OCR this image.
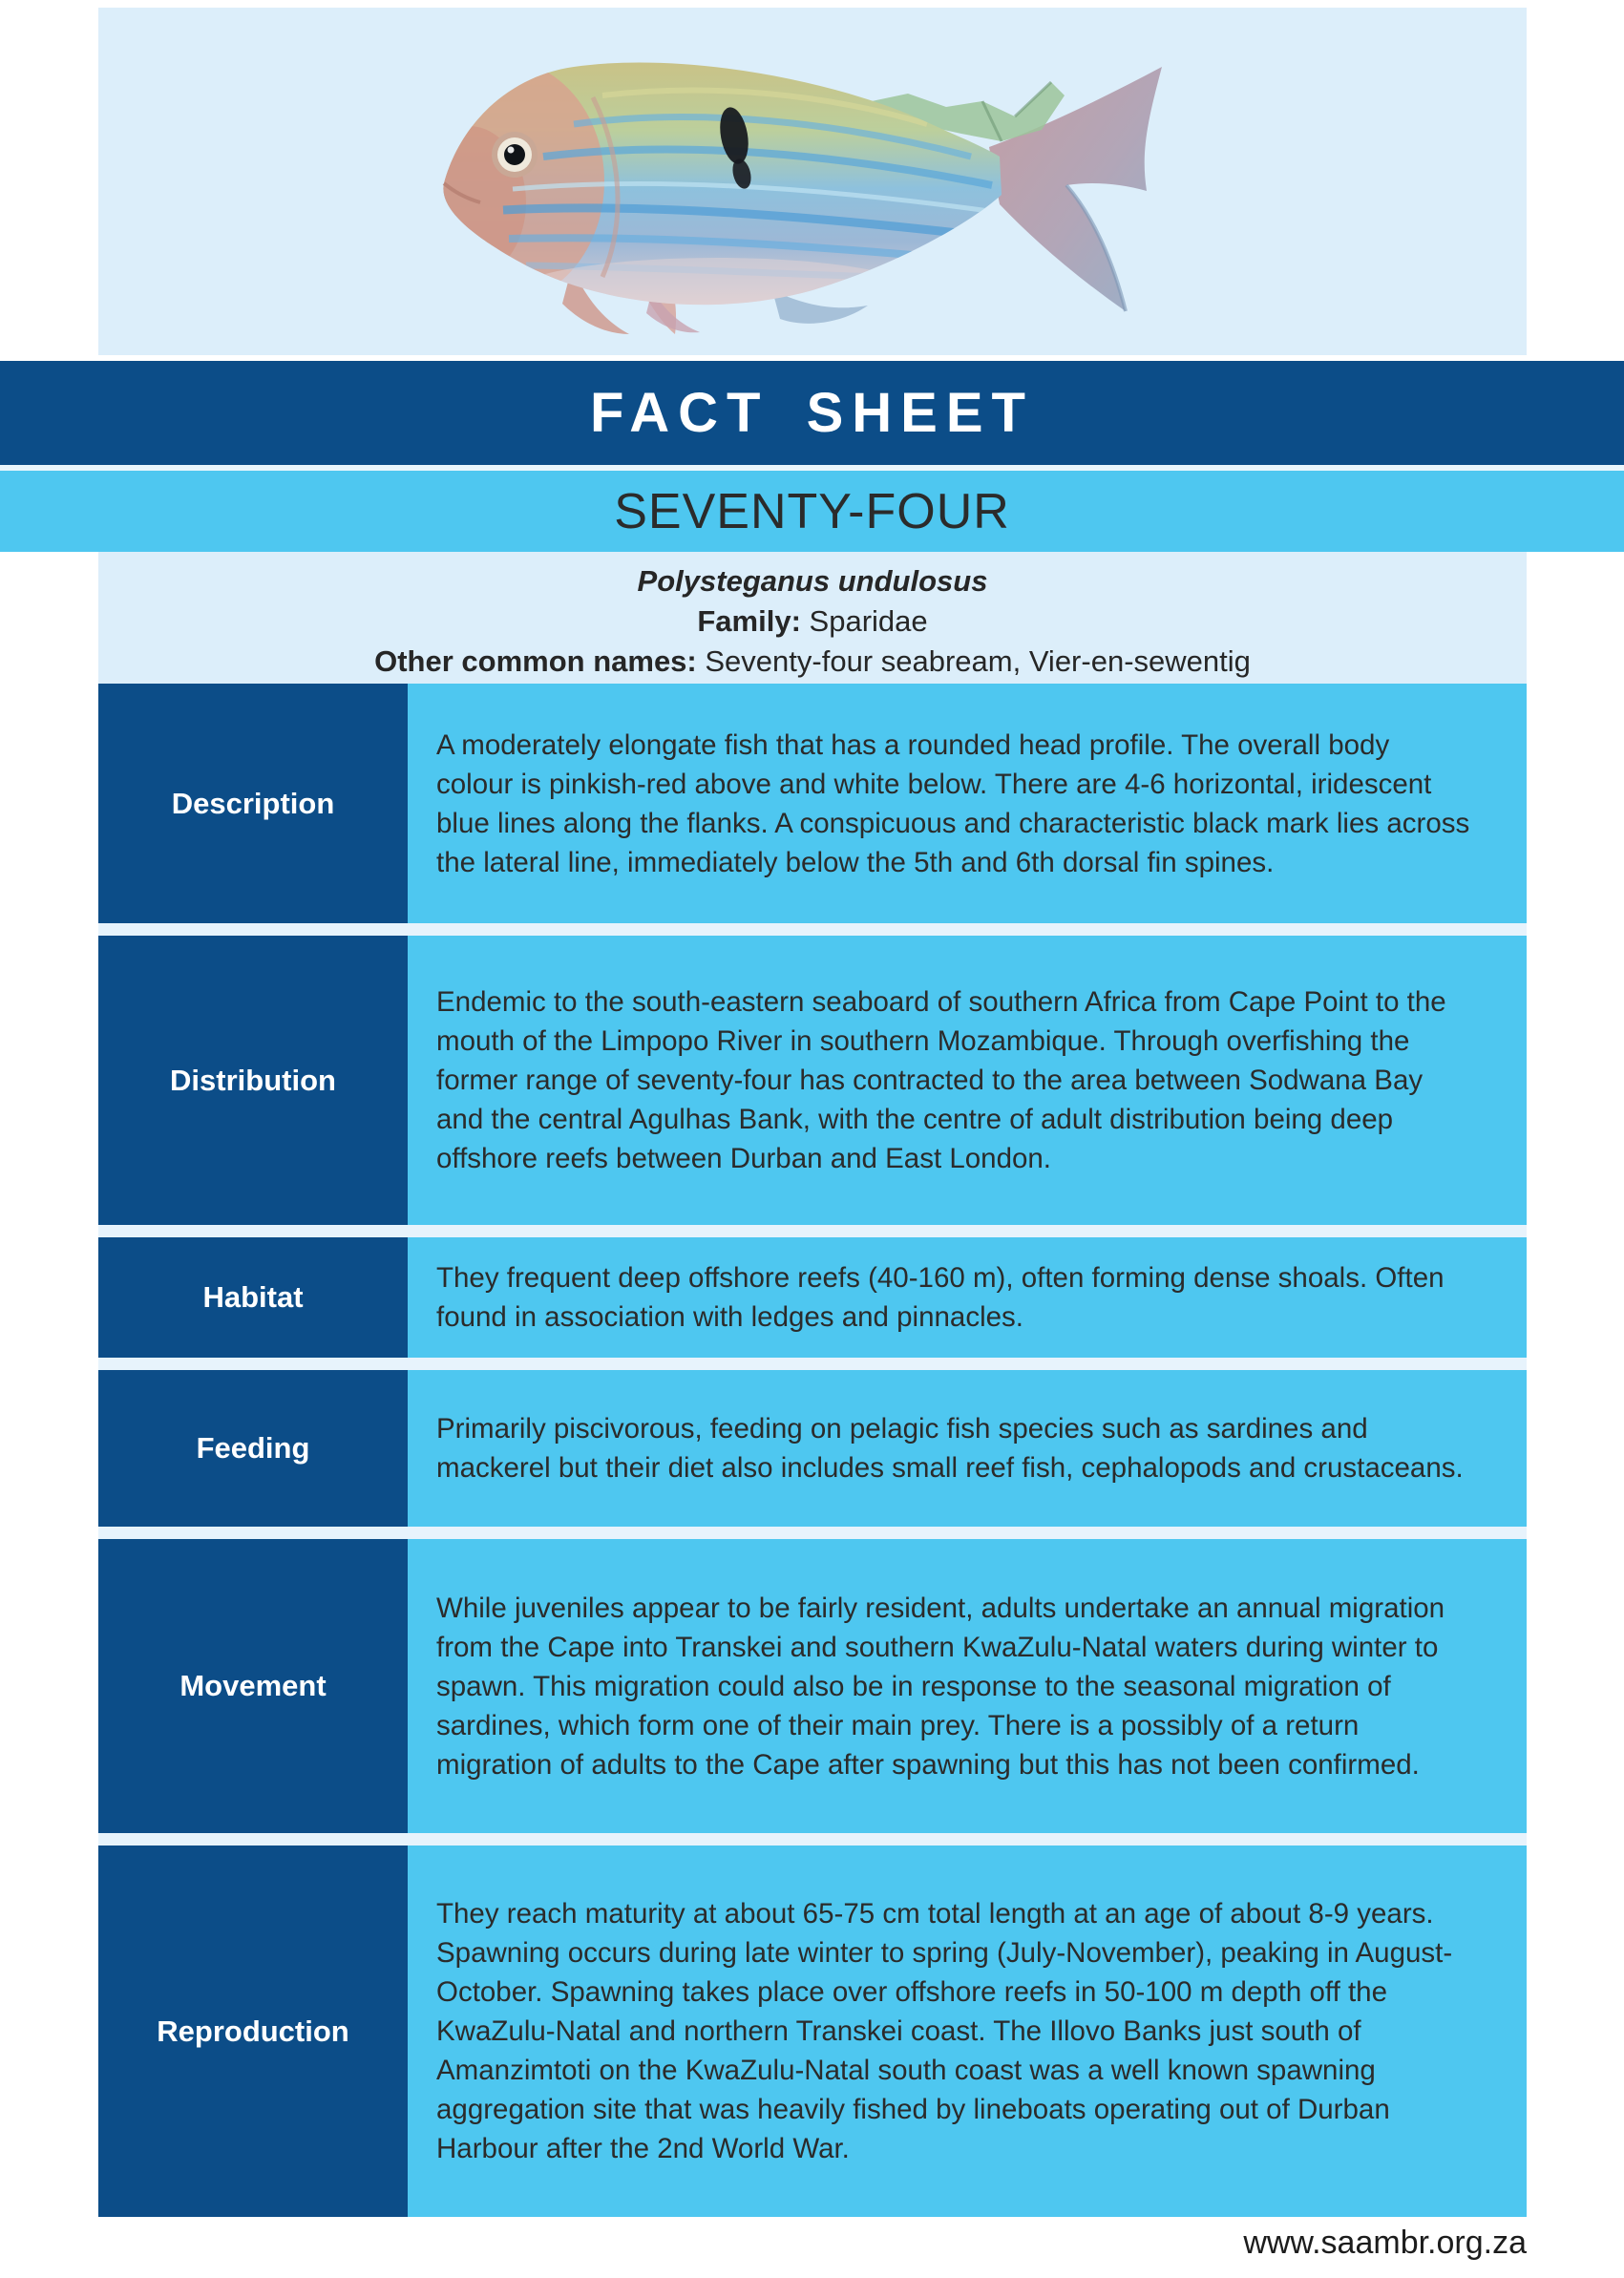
FACT SHEET
SEVENTY-FOUR
Polysteganus undulosus
Family: Sparidae
Other common names: Seventy-four seabream, Vier-en-sewentig
Description
A moderately elongate fish that has a rounded head profile. The overall body colour is pinkish-red above and white below. There are 4-6 horizontal, iridescent blue lines along the flanks. A conspicuous and characteristic black mark lies across the lateral line, immediately below the 5th and 6th dorsal fin spines.
Distribution
Endemic to the south-eastern seaboard of southern Africa from Cape Point to the mouth of the Limpopo River in southern Mozambique. Through overfishing the former range of seventy-four has contracted to the area between Sodwana Bay and the central Agulhas Bank, with the centre of adult distribution being deep offshore reefs between Durban and East London.
Habitat
They frequent deep offshore reefs (40-160 m), often forming dense shoals. Often found in association with ledges and pinnacles.
Feeding
Primarily piscivorous, feeding on pelagic fish species such as sardines and mackerel but their diet also includes small reef fish, cephalopods and crustaceans.
Movement
While juveniles appear to be fairly resident, adults undertake an annual migration from the Cape into Transkei and southern KwaZulu-Natal waters during winter to spawn. This migration could also be in response to the seasonal migration of sardines, which form one of their main prey. There is a possibly of a return migration of adults to the Cape after spawning but this has not been confirmed.
Reproduction
They reach maturity at about 65-75 cm total length at an age of about 8-9 years. Spawning occurs during late winter to spring (July-November), peaking in August-October. Spawning takes place over offshore reefs in 50-100 m depth off the KwaZulu-Natal and northern Transkei coast. The Illovo Banks just south of Amanzimtoti on the KwaZulu-Natal south coast was a well known spawning aggregation site that was heavily fished by lineboats operating out of Durban Harbour after the 2nd World War.
www.saambr.org.za
